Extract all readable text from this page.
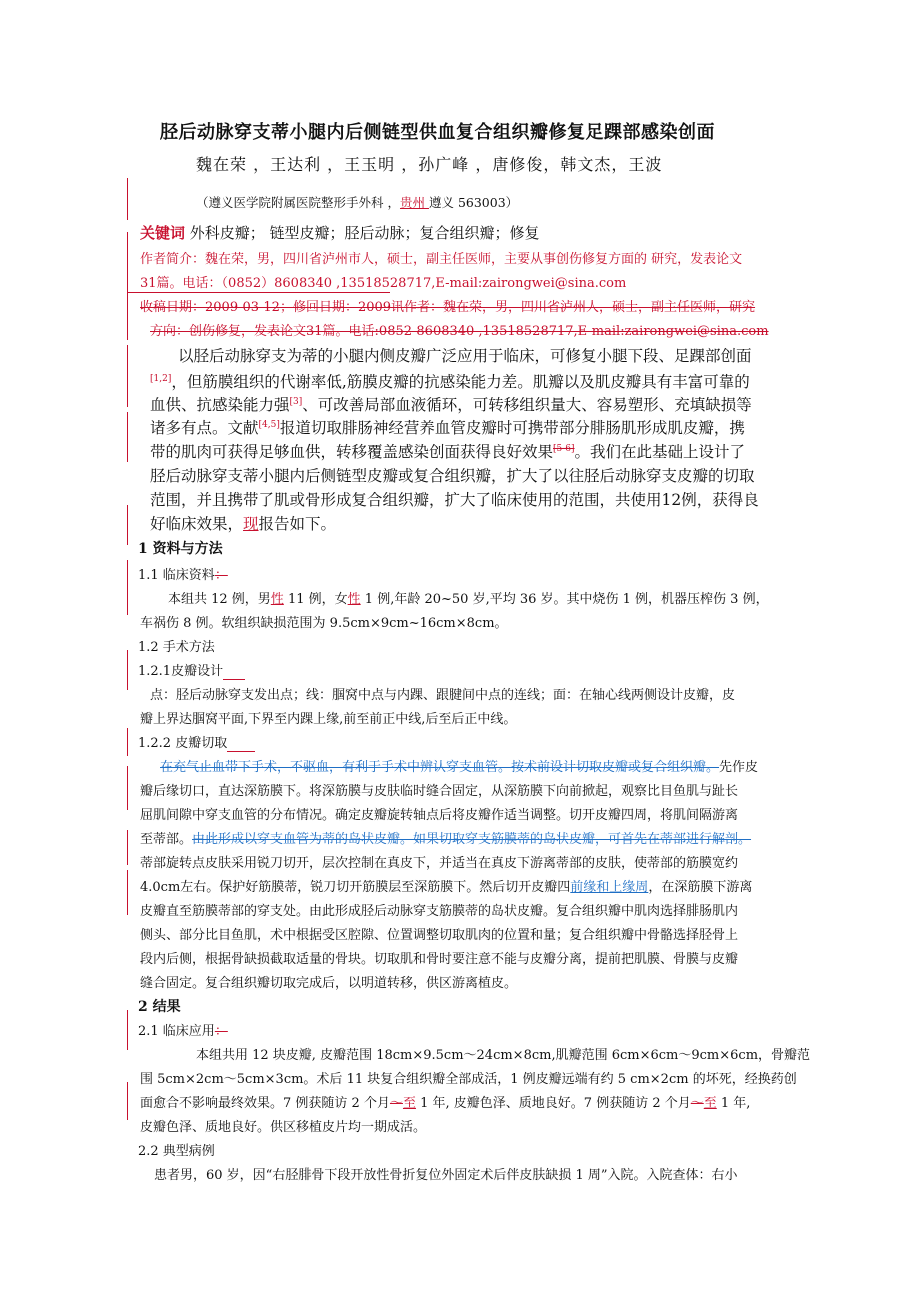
胫后动脉穿支蒂小腿内后侧链型供血复合组织瓣修复足踝部感染创面
魏在荣 ，王达利 ，王玉明 ，孙广峰 ，唐修俊，韩文杰，王波
（遵义医学院附属医院整形手外科 ，贵州 遵义 563003）
关键词 外科皮瓣； 链型皮瓣；胫后动脉；复合组织瓣；修复
作者简介：魏在荣，男，四川省泸州市人，硕士，副主任医师，主要从事创伤修复方面的 研究，发表论文
31篇。电话：（0852）8608340 ,13518528717,E-mail:zairongwei@sina.com
收稿日期：2009-03-12；修回日期：2009讯作者：魏在荣，男，四川省泸州人，硕士，副主任医师，研究
方向：创伤修复，发表论文31篇。电话:0852-8608340 ,13518528717,E-mail:zairongwei@sina.com
以胫后动脉穿支为蒂的小腿内侧皮瓣广泛应用于临床，可修复小腿下段、足踝部创面
[1,2]，但筋膜组织的代谢率低,筋膜皮瓣的抗感染能力差。肌瓣以及肌皮瓣具有丰富可靠的
血供、抗感染能力强[3]、可改善局部血液循环，可转移组织量大、容易塑形、充填缺损等
诸多有点。文献[4,5]报道切取腓肠神经营养血管皮瓣时可携带部分腓肠肌形成肌皮瓣，携
带的肌肉可获得足够血供，转移覆盖感染创面获得良好效果[5-6]。我们在此基础上设计了
胫后动脉穿支蒂小腿内后侧链型皮瓣或复合组织瓣，扩大了以往胫后动脉穿支皮瓣的切取
范围，并且携带了肌或骨形成复合组织瓣，扩大了临床使用的范围，共使用12例，获得良
好临床效果，现报告如下。
1 资料与方法
1.1 临床资料：
本组共 12 例，男性 11 例，女性 1 例,年龄 20~50 岁,平均 36 岁。其中烧伤 1 例，机器压榨伤 3 例，
车祸伤 8 例。软组织缺损范围为 9.5cm×9cm~16cm×8cm。
1.2 手术方法
1.2.1皮瓣设计
点：胫后动脉穿支发出点；线：腘窝中点与内踝、跟腱间中点的连线；面：在轴心线两侧设计皮瓣，皮
瓣上界达腘窝平面,下界至内踝上缘,前至前正中线,后至后正中线。
1.2.2 皮瓣切取
在充气止血带下手术，不驱血，有利于手术中辨认穿支血管。按术前设计切取皮瓣或复合组织瓣。先作皮
瓣后缘切口，直达深筋膜下。将深筋膜与皮肤临时缝合固定，从深筋膜下向前掀起，观察比目鱼肌与趾长
屈肌间隙中穿支血管的分布情况。确定皮瓣旋转轴点后将皮瓣作适当调整。切开皮瓣四周，将肌间隔游离
至蒂部。由此形成以穿支血管为蒂的岛状皮瓣。如果切取穿支筋膜蒂的岛状皮瓣，可首先在蒂部进行解剖。
蒂部旋转点皮肤采用锐刀切开，层次控制在真皮下，并适当在真皮下游离蒂部的皮肤，使蒂部的筋膜宽约
4.0cm左右。保护好筋膜蒂，锐刀切开筋膜层至深筋膜下。然后切开皮瓣四前缘和上缘周，在深筋膜下游离
皮瓣直至筋膜蒂部的穿支处。由此形成胫后动脉穿支筋膜蒂的岛状皮瓣。复合组织瓣中肌肉选择腓肠肌内
侧头、部分比目鱼肌，术中根据受区腔隙、位置调整切取肌肉的位置和量；复合组织瓣中骨骼选择胫骨上
段内后侧，根据骨缺损截取适量的骨块。切取肌和骨时要注意不能与皮瓣分离，提前把肌膜、骨膜与皮瓣
缝合固定。复合组织瓣切取完成后，以明道转移，供区游离植皮。
2 结果
2.1 临床应用：
本组共用 12 块皮瓣, 皮瓣范围 18cm×9.5cm～24cm×8cm,肌瓣范围 6cm×6cm～9cm×6cm，骨瓣范
围 5cm×2cm～5cm×3cm。术后 11 块复合组织瓣全部成活，1 例皮瓣远端有约 5 cm×2cm 的坏死，经换药创
面愈合不影响最终效果。7 例获随访 2 个月～至 1 年, 皮瓣色泽、质地良好。7 例获随访 2 个月～至 1 年,
皮瓣色泽、质地良好。供区移植皮片均一期成活。
2.2 典型病例
患者男，60 岁，因“右胫腓骨下段开放性骨折复位外固定术后伴皮肤缺损 1 周”入院。入院查体：右小
